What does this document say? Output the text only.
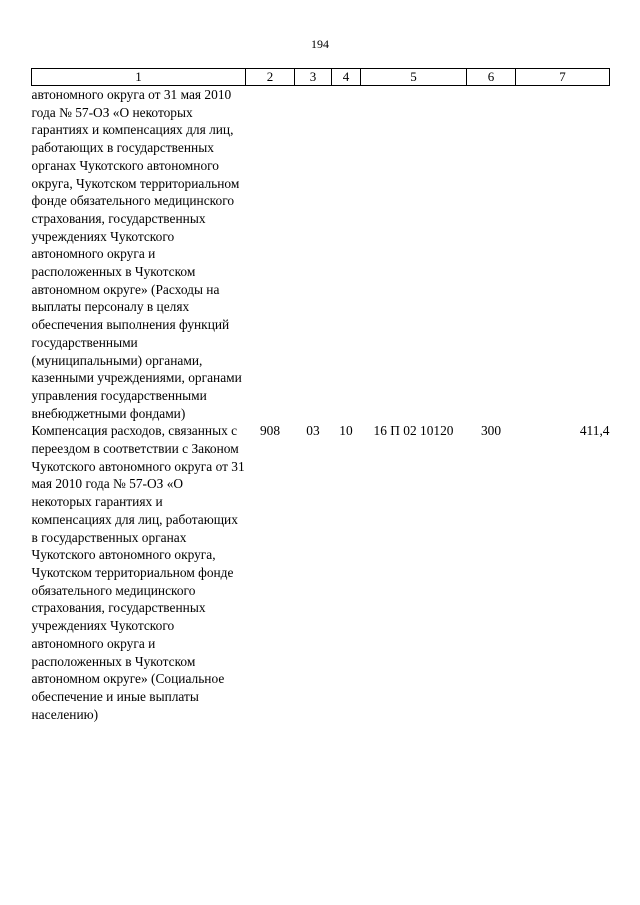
194
1	2	3	4	5	6	7
автономного округа от 31 мая 2010 года № 57-ОЗ «О некоторых гарантиях и компенсациях для лиц, работающих в государственных органах Чукотского автономного округа, Чукотском территориальном фонде обязательного медицинского страхования, государственных учреждениях Чукотского автономного округа и расположенных в Чукотском автономном округе» (Расходы на выплаты персоналу в целях обеспечения выполнения функций государственными (муниципальными) органами, казенными учреждениями, органами управления государственными внебюджетными фондами)						
Компенсация расходов, связанных с переездом в соответствии с Законом Чукотского автономного округа от 31 мая 2010 года № 57-ОЗ «О некоторых гарантиях и компенсациях для лиц, работающих в государственных органах Чукотского автономного округа, Чукотском территориальном фонде обязательного медицинского страхования, государственных учреждениях Чукотского автономного округа и расположенных в Чукотском автономном округе» (Социальное обеспечение и иные выплаты населению)	908	03	10	16 П 02 10120	300	411,4
